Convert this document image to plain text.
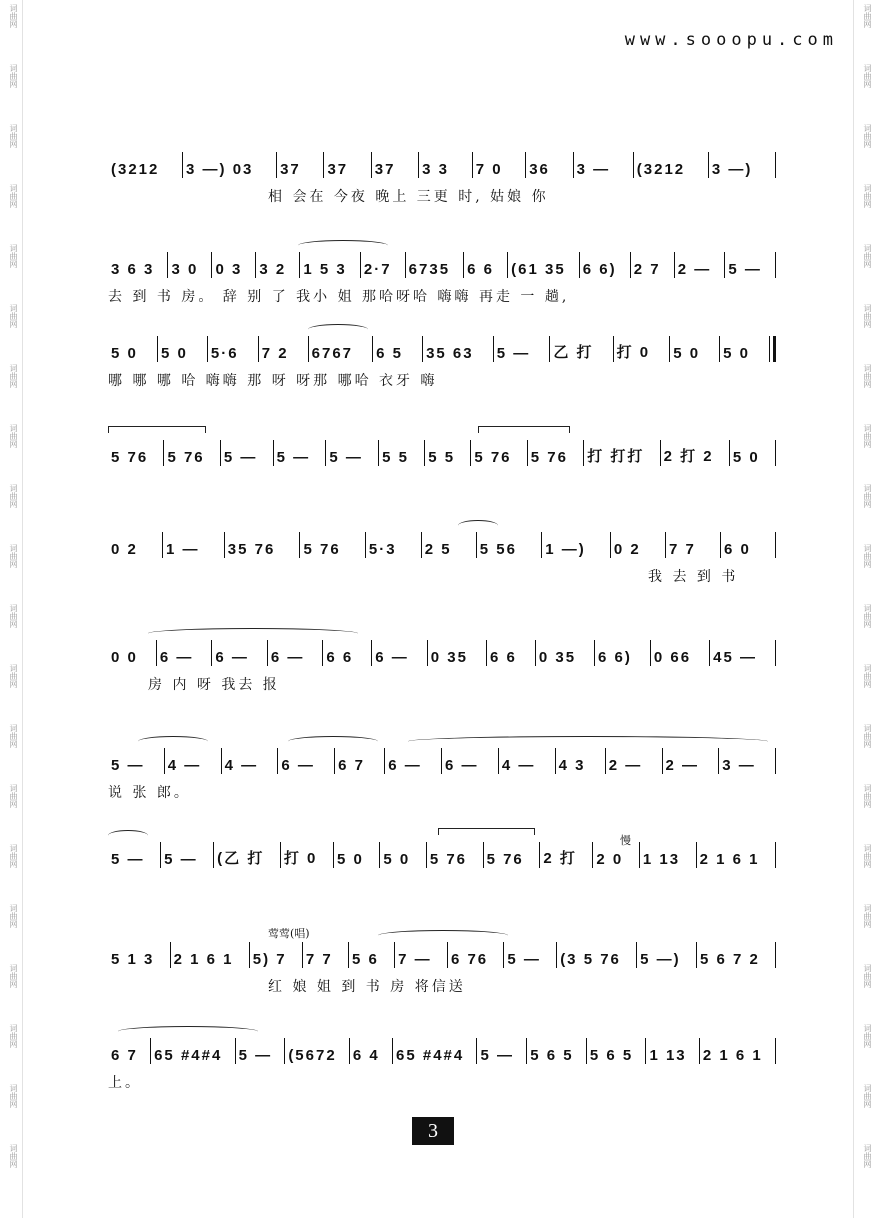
词曲网
词曲网
词曲网
词曲网
词曲网
词曲网
词曲网
词曲网
词曲网
词曲网
词曲网
词曲网
词曲网
词曲网
词曲网
词曲网
词曲网
词曲网
词曲网
词曲网
词曲网
词曲网
词曲网
词曲网
词曲网
词曲网
词曲网
词曲网
词曲网
词曲网
词曲网
词曲网
词曲网
词曲网
词曲网
词曲网
词曲网
词曲网
词曲网
词曲网
www.sooopu.com
(3212	3 —) 03	37	37	37	3 3	7 0	36	3 —	(3212	3 —)
相 会在 今夜 晚上 三更 时, 姑娘 你
3 6 3	3 0	0 3	3 2	1 5 3	2·7	6735	6 6	(61 35	6 6)	2 7	2 —	5 —
去 到 书 房。 辞 别 了 我小 姐 那哈呀哈 嗨嗨 再走 一 趟,
5 0	5 0	5·6	7 2	6767	6 5	35 63	5 —	乙 打	打 0	5 0	5 0
哪 哪 哪 哈 嗨嗨 那 呀 呀那 哪哈 衣牙 嗨
5 76	5 76	5 —	5 —	5 —	5 5	5 5	5 76	5 76	打 打打	2 打 2	5 0
0 2	1 —	35 76	5 76	5·3	2 5	5 56	1 —)	0 2	7 7	6 0
我 去 到 书
0 0	6 —	6 —	6 —	6 6	6 —	0 35	6 6	0 35	6 6)	0 66	45 —
房 内 呀 我去 报
5 —	4 —	4 —	6 —	6 7	6 —	6 —	4 —	4 3	2 —	2 —	3 —
说 张 郎。
5 —	5 —	(乙 打	打 0	5 0	5 0	5 76	5 76	2 打	2 0	1 13	2 1 6 1
5 1 3	2 1 6 1	5) 7	7 7	5 6	7 —	6 76	5 —	(3 5 76	5 —)	5 6 7 2
红 娘 姐 到 书 房 将信送
6 7	65 #4#4	5 —	(5672	6 4	65 #4#4	5 —	5 6 5	5 6 5	1 13	2 1 6 1
上。
慢
莺莺(唱)
3
